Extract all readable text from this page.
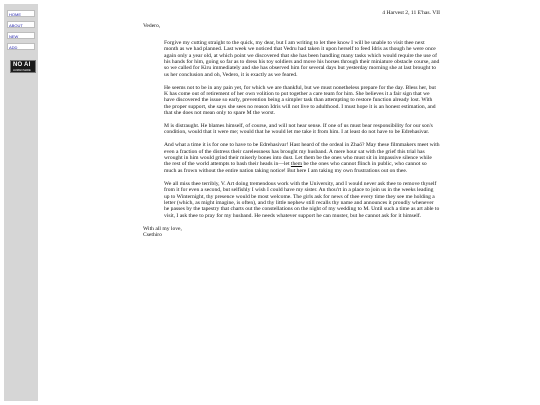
HOME
ABOUT
NEW
ADD
NO AI
HUMAN MADE
4 Harvest 2, 11 E'has. VII
Vedero,

Forgive my cutting straight to the quick, my dear, but I am writing to let thee know I will be unable to visit thee next month as we had planned. Last week we noticed that Vedru had taken it upon herself to feed Idris as though he were once again only a year old, at which point we discovered that she has been handling many tasks which would require the use of his hands for him, going so far as to dress his toy soldiers and move his horses through their miniature obstacle course, and so we called for Kiru immediately and she has observed him for several days but yesterday morning she at last brought to us her conclusion and oh, Vedero, it is exactly as we feared.

He seems not to be in any pain yet, for which we are thankful, but we must nonetheless prepare for the day. Bless her, but K has come out of retirement of her own volition to put together a care team for him. She believes it a fair sign that we have discovered the issue so early, prevention being a simpler task than attempting to restore function already lost. With the proper support, she says she sees no reason Idris will not live to adulthood. I must hope it is an honest estimation, and that she does not mean only to spare M the worst.

M is distraught. He blames himself, of course, and will not hear sense. If one of us must bear responsibility for our son's condition, would that it were me; would that he would let me take it from him. I at least do not have to be Edrehasivar.

And what a time it is for one to have to be Edrehasivar! Hast heard of the ordeal in Zhaö? May these filmmakers meet with even a fraction of the distress their carelessness has brought my husband. A mere hour sat with the grief this trial has wrought in him would grind their miserly bones into dust. Let them be the ones who must sit in impassive silence while the rest of the world attempts to bash their heads in—let them be the ones who cannot flinch in public, who cannot so much as frown without the entire nation taking notice! But here I am taking my own frustrations out on thee.

We all miss thee terribly, V. Art doing tremendous work with the University, and I would never ask thee to remove thyself from it for even a second, but selfishly I wish I could have my sister. An thou'rt in a place to join us in the weeks leading up to Winternight, thy presence would be most welcome. The girls ask for news of thee every time they see me holding a letter (which, as might imagine, is often), and thy little nephew still recalls thy name and announces it proudly whenever he passes by the tapestry that charts out the constellations on the night of my wedding to M. Until such a time as art able to visit, I ask thee to pray for my husband. He needs whatever support he can muster, but he cannot ask for it himself.

With all my love,
Csethiro
